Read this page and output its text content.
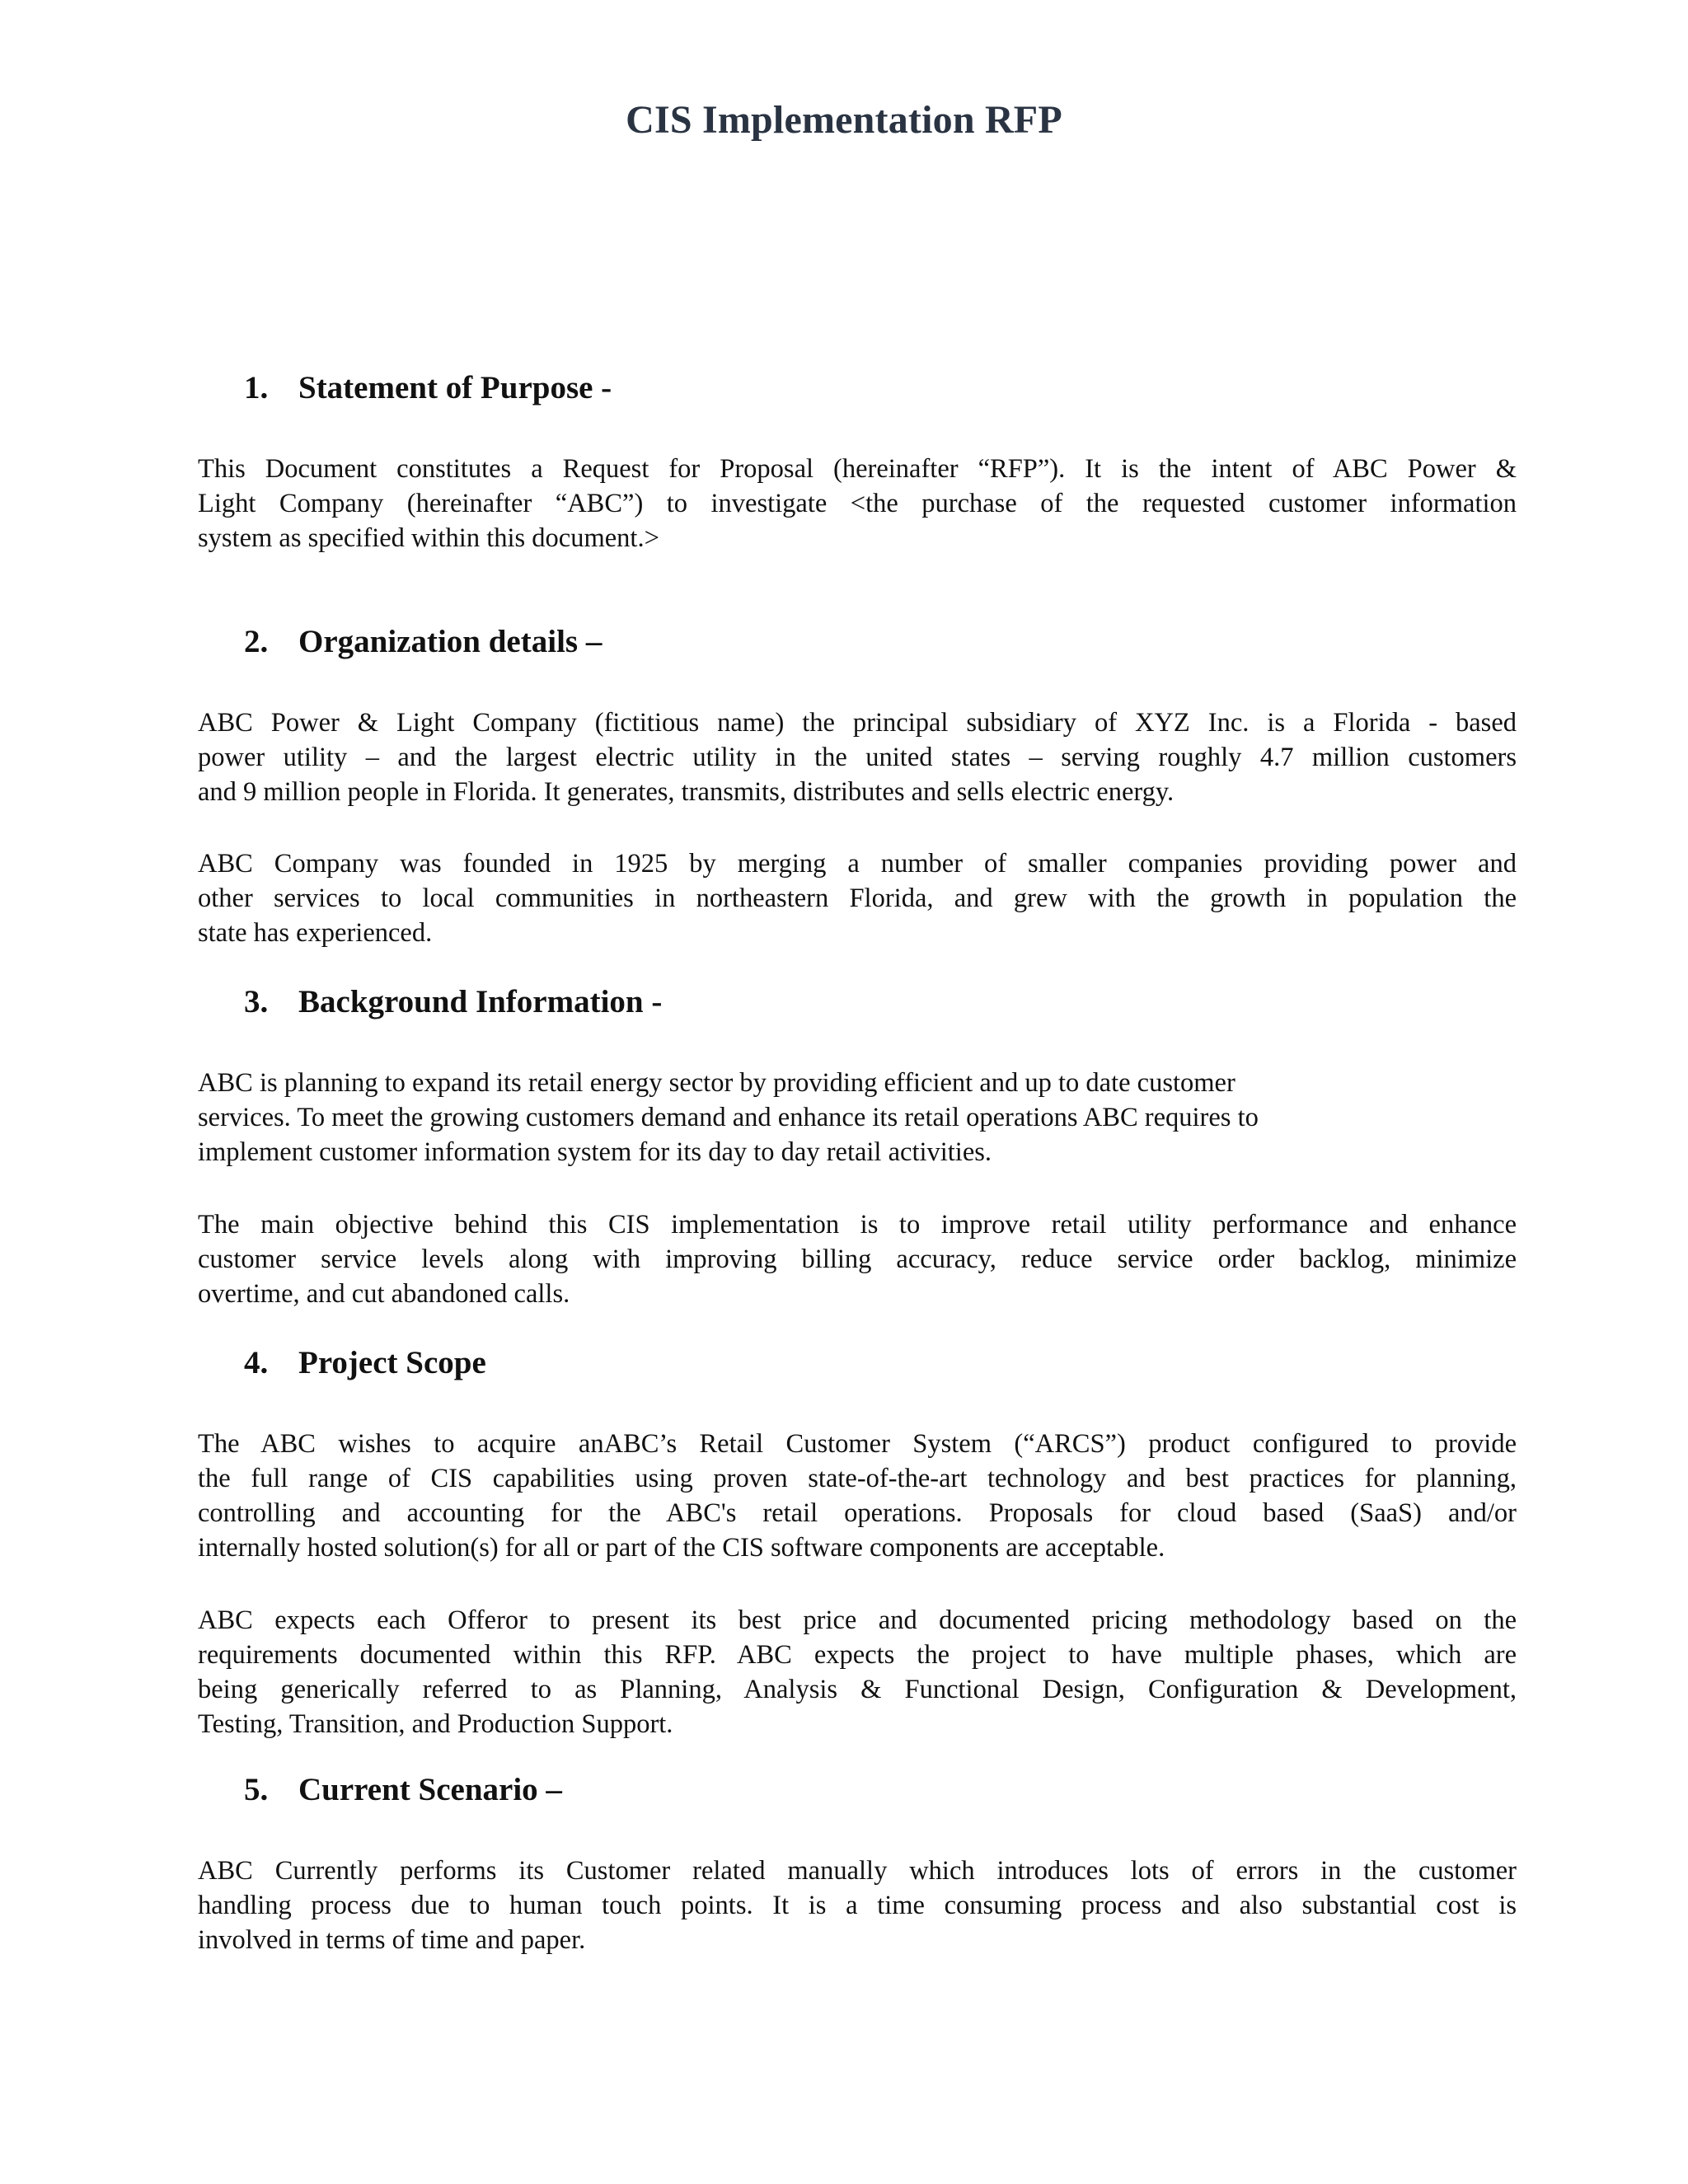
CIS Implementation RFP
1. Statement of Purpose -
This Document constitutes a Request for Proposal (hereinafter “RFP”). It is the intent of ABC Power &
Light Company (hereinafter “ABC”) to investigate <the purchase of the requested customer information
system as specified within this document.>
2. Organization details –
ABC Power & Light Company (fictitious name) the principal subsidiary of XYZ Inc. is a Florida - based
power utility – and the largest electric utility in the united states – serving roughly 4.7 million customers
and 9 million people in Florida. It generates, transmits, distributes and sells electric energy.
ABC Company was founded in 1925 by merging a number of smaller companies providing power and
other services to local communities in northeastern Florida, and grew with the growth in population the
state has experienced.
3. Background Information -
ABC is planning to expand its retail energy sector by providing efficient and up to date customer
services. To meet the growing customers demand and enhance its retail operations ABC requires to
implement customer information system for its day to day retail activities.
The main objective behind this CIS implementation is to improve retail utility performance and enhance
customer service levels along with improving billing accuracy, reduce service order backlog, minimize
overtime, and cut abandoned calls.
4. Project Scope
The ABC wishes to acquire anABC’s Retail Customer System (“ARCS”) product configured to provide
the full range of CIS capabilities using proven state-of-the-art technology and best practices for planning,
controlling and accounting for the ABC's retail operations. Proposals for cloud based (SaaS) and/or
internally hosted solution(s) for all or part of the CIS software components are acceptable.
ABC expects each Offeror to present its best price and documented pricing methodology based on the
requirements documented within this RFP. ABC expects the project to have multiple phases, which are
being generically referred to as Planning, Analysis & Functional Design, Configuration & Development,
Testing, Transition, and Production Support.
5. Current Scenario –
ABC Currently performs its Customer related manually which introduces lots of errors in the customer
handling process due to human touch points. It is a time consuming process and also substantial cost is
involved in terms of time and paper.
